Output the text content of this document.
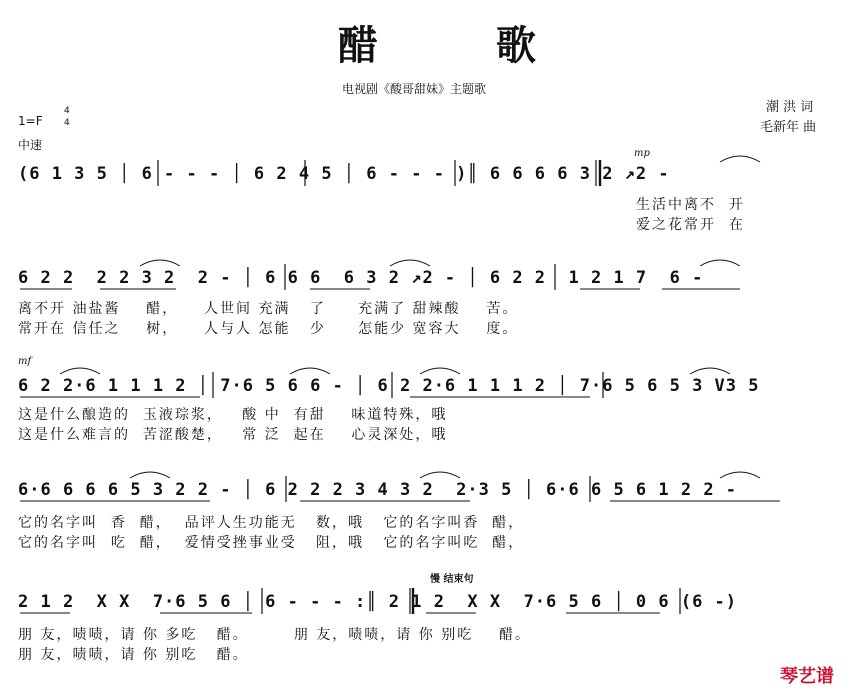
醋 歌
电视剧《酸哥甜妹》主题歌
潮 洪 词
毛新年 曲
1=F
4
4
中速
mp
mf
慢 结束句
(6 1 3 5 │ 6 - - - │ 6 2 4 5 │ 6 - - - )║ 6 6 6 6 3 2 ↗2 -
生活中离不  开
爱之花常开  在
6 2 2  2 2 3 2  2 - │ 6 6 6  6 3 2 ↗2 - │ 6 2 2  1 2 1 7  6 -
离不开 油盐酱    醋，    人世间 充满   了     充满了 甜辣酸    苦。
常开在 信任之    树，    人与人 怎能   少     怎能少 宽容大    度。
6 2 2·6 1 1 1 2 │ 7·6 5 6 6 - │ 6 2 2·6 1 1 1 2 │ 7·6 5 6 5 3 V3 5
这是什么酿造的  玉液琮浆，   酸 中  有甜    味道特殊，哦
这是什么难言的  苦涩酸楚，   常 泛  起在    心灵深处，哦
6·6 6 6 6 5 3 2 2 - │ 6 2 2 2 3 4 3 2  2·3 5 │ 6·6 6 5 6 1 2 2 -
它的名字叫  香  醋，  品评人生功能无   数，哦   它的名字叫香  醋，
它的名字叫  吃  醋，  爱情受挫事业受   阻，哦   它的名字叫吃  醋，
2 1 2  X X  7·6 5 6 │ 6 - - - :║ 2 1 2  X X  7·6 5 6 │ 0 6 (6 -)
朋 友，啧啧，请 你 多吃   醋。       朋 友，啧啧，请 你 别吃    醋。
朋 友，啧啧，请 你 别吃   醋。
琴艺谱
